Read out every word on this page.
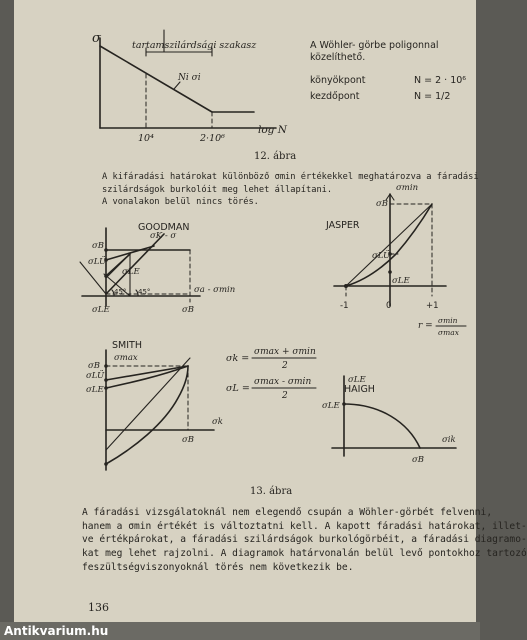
σ	tartamszilárdsági szakasz
Ni σi
10⁴	2·10⁶
log N
A Wöhler- görbe poligonnal
közelíthető.
könyökpont	N = 2 · 10⁶
kezdőpont	N = 1/2
12. ábra
A kifáradási határokat különböző σmin értékekkel meghatározva a fáradási
szilárdságok burkolóit meg lehet állapítani.
A vonalakon belül nincs törés.
GOODMAN
σK - σ
σB
σLÜ
σLE
45° 45°	σa - σmin
σLE	σB
JASPER
σmin
σB
σLÜ
σLE
-1	0	+1
r =
σmin
σmax
SMITH
σmax
σB
σLÜ
σLE
σB
σk
σk =
σmax + σmin
2
σL =
σmax - σmin
2
HAIGH
σLE
σLE
σik
σB
13. ábra
A fáradási vizsgálatoknál nem elegendő csupán a Wöhler-görbét felvenni,
hanem a σmin értékét is változtatni kell. A kapott fáradási határokat, illet-
ve értékpárokat, a fáradási szilárdságok burkológörbéit, a fáradási diagramo-
kat meg lehet rajzolni. A diagramok határvonalán belül levő pontokhoz tartozó
feszültségviszonyoknál törés nem következik be.
136
Antikvarium.hu
